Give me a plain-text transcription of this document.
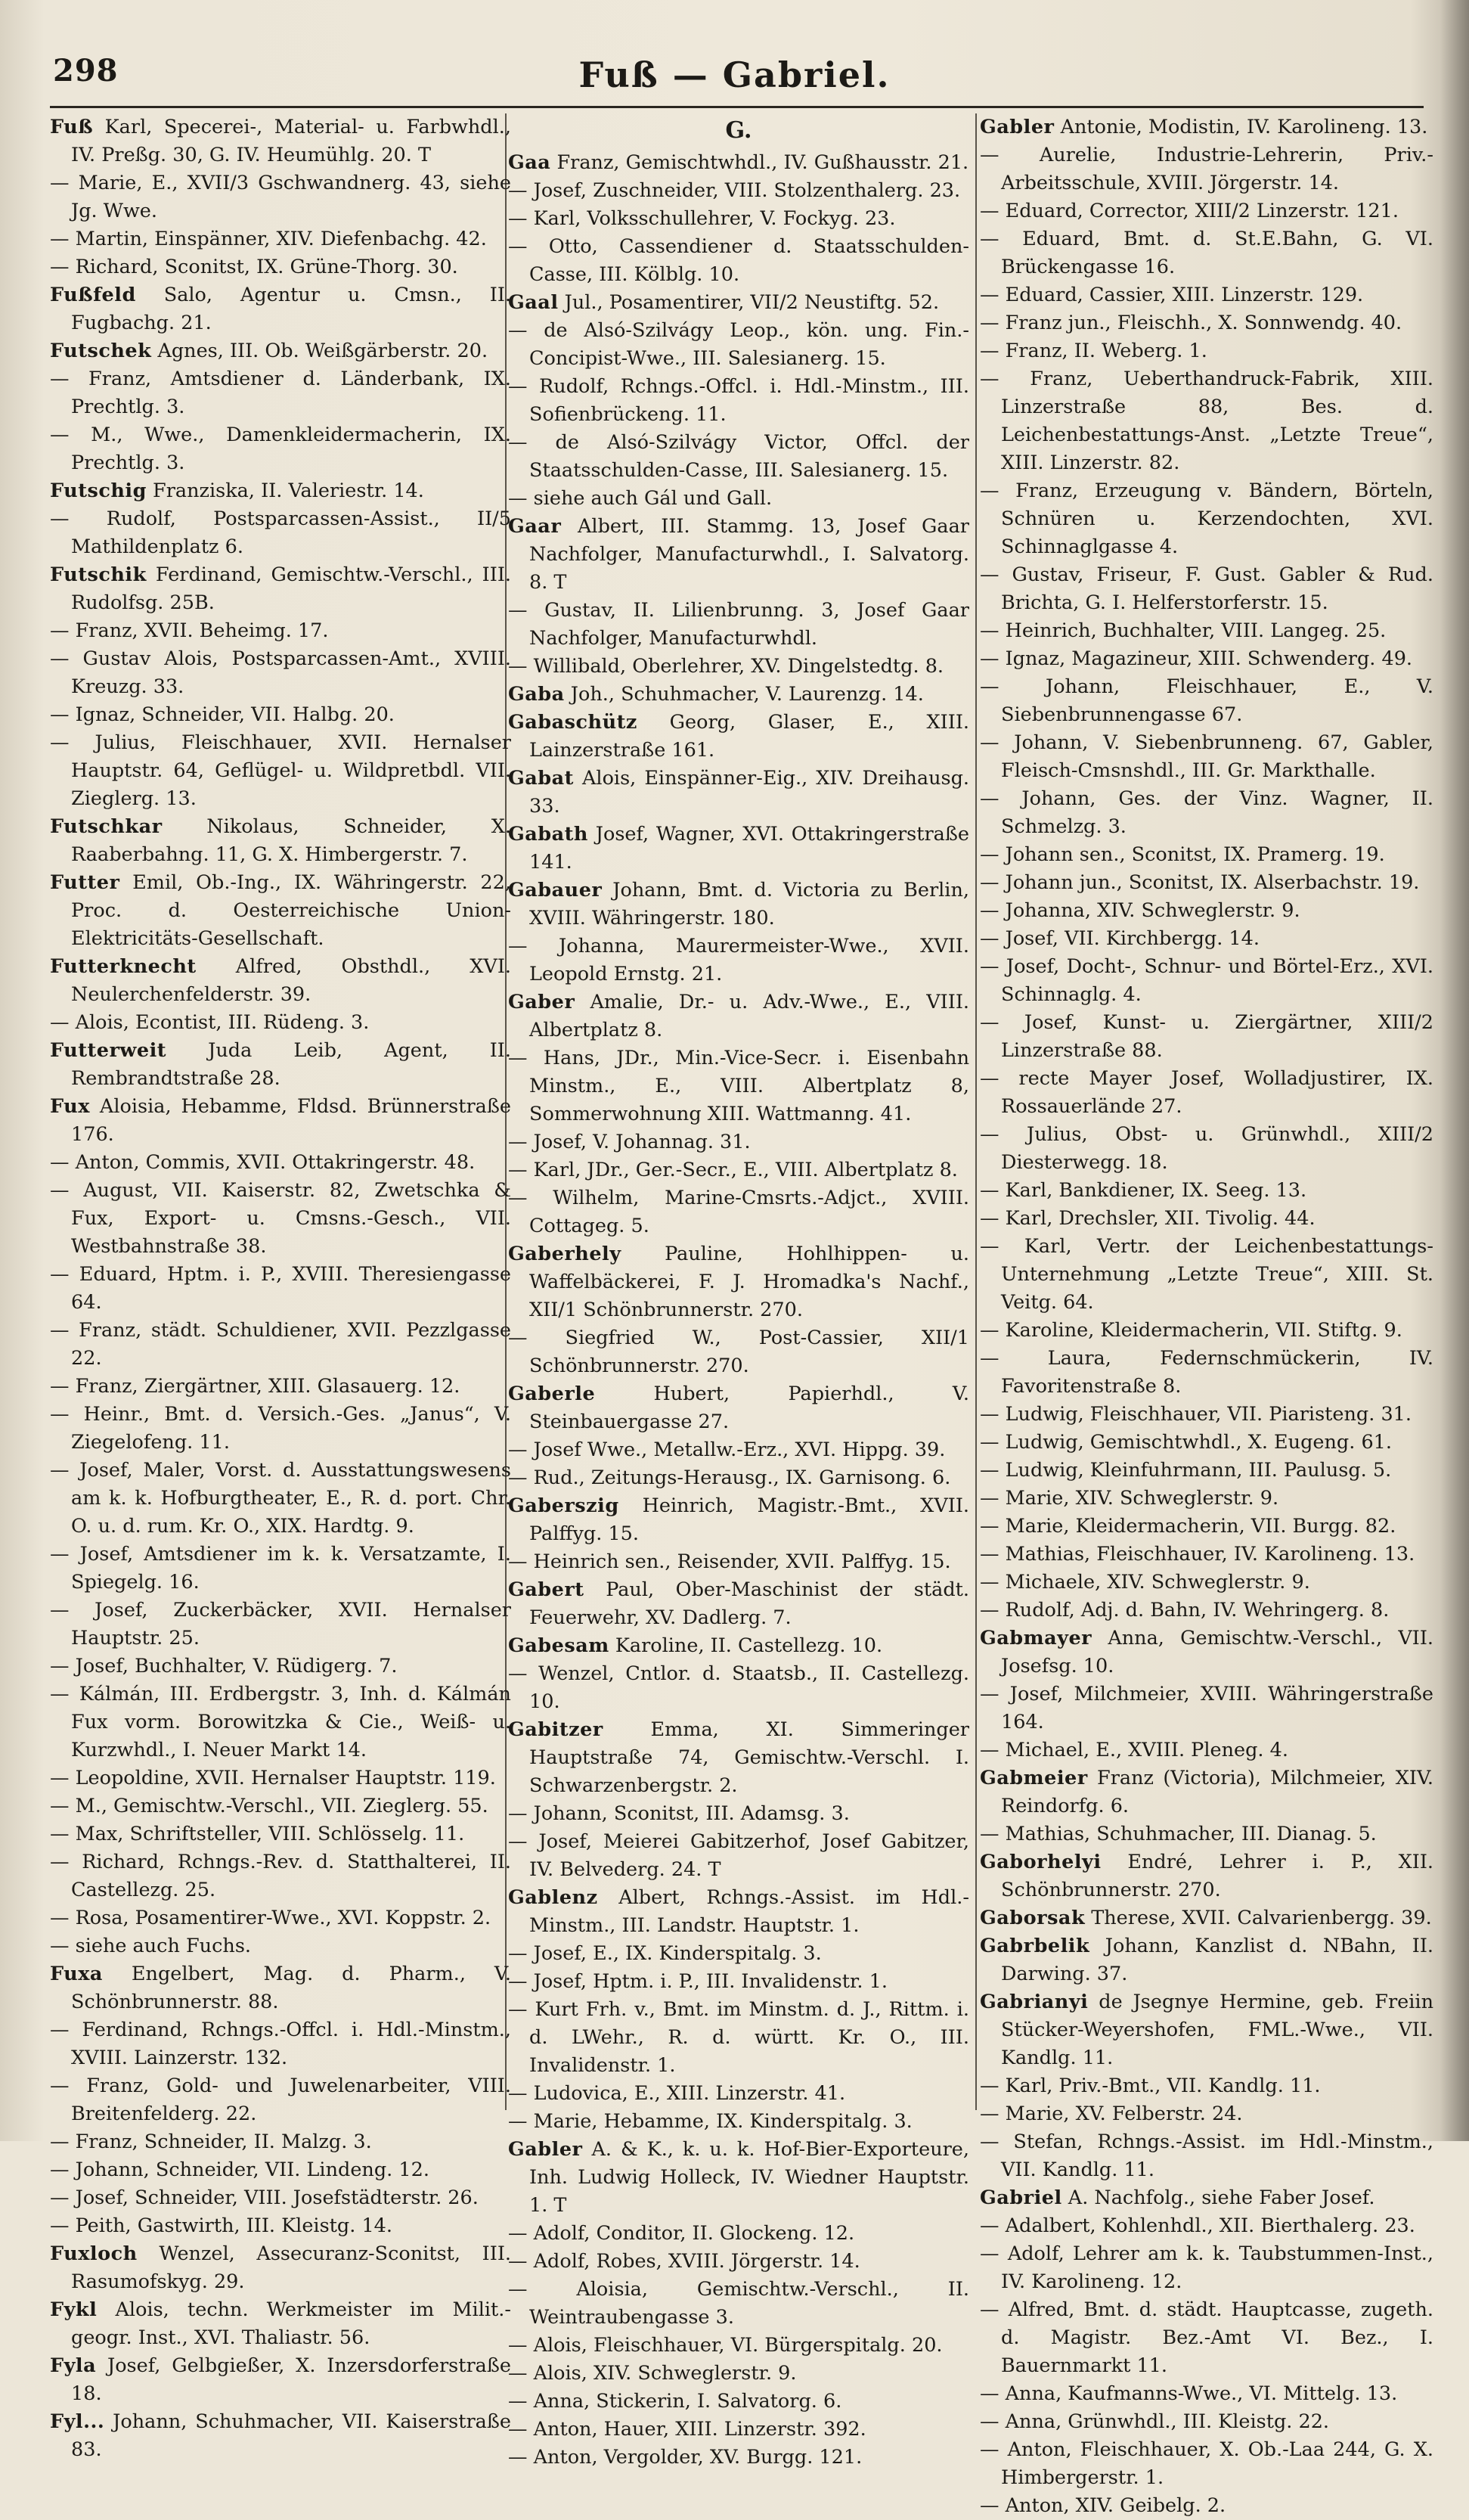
298	Fuß — Gabriel.

Fuß Karl, Specerei-, Material- u. Farbwhdl., IV. Preßg. 30, G. IV. Heumühlg. 20. T

— Marie, E., XVII/3 Gschwandnerg. 43, siehe Jg. Wwe.

— Martin, Einspänner, XIV. Diefenbachg. 42.

— Richard, Sconitst, IX. Grüne-Thorg. 30.

Fußfeld Salo, Agentur u. Cmsn., II. Fugbachg. 21.

Futschek Agnes, III. Ob. Weißgärberstr. 20.

— Franz, Amtsdiener d. Länderbank, IX. Prechtlg. 3.

— M., Wwe., Damenkleidermacherin, IX. Prechtlg. 3.

Futschig Franziska, II. Valeriestr. 14.

— Rudolf, Postsparcassen-Assist., II/5 Mathildenplatz 6.

Futschik Ferdinand, Gemischtw.-Verschl., III. Rudolfsg. 25B.

— Franz, XVII. Beheimg. 17.

— Gustav Alois, Postsparcassen-Amt., XVIII. Kreuzg. 33.

— Ignaz, Schneider, VII. Halbg. 20.

— Julius, Fleischhauer, XVII. Hernalser Hauptstr. 64, Geflügel- u. Wildpretbdl. VII. Zieglerg. 13.

Futschkar Nikolaus, Schneider, X. Raaberbahng. 11, G. X. Himbergerstr. 7.

Futter Emil, Ob.-Ing., IX. Währingerstr. 22, Proc. d. Oesterreichische Union-Elektricitäts-Gesellschaft.

Futterknecht Alfred, Obsthdl., XVI. Neulerchenfelderstr. 39.

— Alois, Econtist, III. Rüdeng. 3.

Futterweit Juda Leib, Agent, II. Rembrandtstraße 28.

Fux Aloisia, Hebamme, Fldsd. Brünnerstraße 176.

— Anton, Commis, XVII. Ottakringerstr. 48.

— August, VII. Kaiserstr. 82, Zwetschka & Fux, Export- u. Cmsns.-Gesch., VII. Westbahnstraße 38.

— Eduard, Hptm. i. P., XVIII. Theresiengasse 64.

— Franz, städt. Schuldiener, XVII. Pezzlgasse 22.

— Franz, Ziergärtner, XIII. Glasauerg. 12.

— Heinr., Bmt. d. Versich.-Ges. „Janus“, V. Ziegelofeng. 11.

— Josef, Maler, Vorst. d. Ausstattungswesens am k. k. Hofburgtheater, E., R. d. port. Chr. O. u. d. rum. Kr. O., XIX. Hardtg. 9.

— Josef, Amtsdiener im k. k. Versatzamte, I. Spiegelg. 16.

— Josef, Zuckerbäcker, XVII. Hernalser Hauptstr. 25.

— Josef, Buchhalter, V. Rüdigerg. 7.

— Kálmán, III. Erdbergstr. 3, Inh. d. Kálmán Fux vorm. Borowitzka & Cie., Weiß- u. Kurzwhdl., I. Neuer Markt 14.

— Leopoldine, XVII. Hernalser Hauptstr. 119.

— M., Gemischtw.-Verschl., VII. Zieglerg. 55.

— Max, Schriftsteller, VIII. Schlösselg. 11.

— Richard, Rchngs.-Rev. d. Statthalterei, II. Castellezg. 25.

— Rosa, Posamentirer-Wwe., XVI. Koppstr. 2.

— siehe auch Fuchs.

Fuxa Engelbert, Mag. d. Pharm., V. Schönbrunnerstr. 88.

— Ferdinand, Rchngs.-Offcl. i. Hdl.-Minstm., XVIII. Lainzerstr. 132.

— Franz, Gold- und Juwelenarbeiter, VIII. Breitenfelderg. 22.

— Franz, Schneider, II. Malzg. 3.

— Johann, Schneider, VII. Lindeng. 12.

— Josef, Schneider, VIII. Josefstädterstr. 26.

— Peith, Gastwirth, III. Kleistg. 14.

Fuxloch Wenzel, Assecuranz-Sconitst, III. Rasumofskyg. 29.

Fykl Alois, techn. Werkmeister im Milit.-geogr. Inst., XVI. Thaliastr. 56.

Fyla Josef, Gelbgießer, X. Inzersdorferstraße 18.

Fyl... Johann, Schuhmacher, VII. Kaiserstraße 83.

G.

Gaa Franz, Gemischtwhdl., IV. Gußhausstr. 21.

— Josef, Zuschneider, VIII. Stolzenthalerg. 23.

— Karl, Volksschullehrer, V. Fockyg. 23.

— Otto, Cassendiener d. Staatsschulden-Casse, III. Kölblg. 10.

Gaal Jul., Posamentirer, VII/2 Neustiftg. 52.

— de Alsó-Szilvágy Leop., kön. ung. Fin.-Concipist-Wwe., III. Salesianerg. 15.

— Rudolf, Rchngs.-Offcl. i. Hdl.-Minstm., III. Sofienbrückeng. 11.

— de Alsó-Szilvágy Victor, Offcl. der Staatsschulden-Casse, III. Salesianerg. 15.

— siehe auch Gál und Gall.

Gaar Albert, III. Stammg. 13, Josef Gaar Nachfolger, Manufacturwhdl., I. Salvatorg. 8. T

— Gustav, II. Lilienbrunng. 3, Josef Gaar Nachfolger, Manufacturwhdl.

— Willibald, Oberlehrer, XV. Dingelstedtg. 8.

Gaba Joh., Schuhmacher, V. Laurenzg. 14.

Gabaschütz Georg, Glaser, E., XIII. Lainzerstraße 161.

Gabat Alois, Einspänner-Eig., XIV. Dreihausg. 33.

Gabath Josef, Wagner, XVI. Ottakringerstraße 141.

Gabauer Johann, Bmt. d. Victoria zu Berlin, XVIII. Währingerstr. 180.

— Johanna, Maurermeister-Wwe., XVII. Leopold Ernstg. 21.

Gaber Amalie, Dr.- u. Adv.-Wwe., E., VIII. Albertplatz 8.

— Hans, JDr., Min.-Vice-Secr. i. Eisenbahn Minstm., E., VIII. Albertplatz 8, Sommerwohnung XIII. Wattmanng. 41.

— Josef, V. Johannag. 31.

— Karl, JDr., Ger.-Secr., E., VIII. Albertplatz 8.

— Wilhelm, Marine-Cmsrts.-Adjct., XVIII. Cottageg. 5.

Gaberhely Pauline, Hohlhippen- u. Waffelbäckerei, F. J. Hromadka's Nachf., XII/1 Schönbrunnerstr. 270.

— Siegfried W., Post-Cassier, XII/1 Schönbrunnerstr. 270.

Gaberle	Hubert, Papierhdl., V. Steinbauergasse 27.

— Josef Wwe., Metallw.-Erz., XVI. Hippg. 39.

— Rud., Zeitungs-Herausg., IX. Garnisong. 6.

Gaberszig Heinrich, Magistr.-Bmt., XVII. Palffyg. 15.

— Heinrich sen., Reisender, XVII. Palffyg. 15.

Gabert Paul, Ober-Maschinist der städt. Feuerwehr, XV. Dadlerg. 7.

Gabesam Karoline, II. Castellezg. 10.

— Wenzel, Cntlor. d. Staatsb., II. Castellezg. 10.

Gabitzer Emma, XI. Simmeringer Hauptstraße 74, Gemischtw.-Verschl. I. Schwarzenbergstr. 2.

— Johann, Sconitst, III. Adamsg. 3.

— Josef, Meierei Gabitzerhof, Josef Gabitzer, IV. Belvederg. 24. T

Gablenz Albert, Rchngs.-Assist. im Hdl.-Minstm., III. Landstr. Hauptstr. 1.

— Josef, E., IX. Kinderspitalg. 3.

— Josef, Hptm. i. P., III. Invalidenstr. 1.

— Kurt Frh. v., Bmt. im Minstm. d. J., Rittm. i. d. LWehr., R. d. württ. Kr. O., III. Invalidenstr. 1.

— Ludovica, E., XIII. Linzerstr. 41.

— Marie, Hebamme, IX. Kinderspitalg. 3.

Gabler A. & K., k. u. k. Hof-Bier-Exporteure, Inh. Ludwig Holleck, IV. Wiedner Hauptstr. 1. T

— Adolf, Conditor, II. Glockeng. 12.

— Adolf, Robes, XVIII. Jörgerstr. 14.

— Aloisia, Gemischtw.-Verschl., II. Weintraubengasse 3.

— Alois, Fleischhauer, VI. Bürgerspitalg. 20.

— Alois, XIV. Schweglerstr. 9.

— Anna, Stickerin, I. Salvatorg. 6.

— Anton, Hauer, XIII. Linzerstr. 392.

— Anton, Vergolder, XV. Burgg. 121.

Gabler Antonie, Modistin, IV. Karolineng. 13.

— Aurelie, Industrie-Lehrerin, Priv.-Arbeitsschule, XVIII. Jörgerstr. 14.

— Eduard, Corrector, XIII/2 Linzerstr. 121.

— Eduard, Bmt. d. St.E.Bahn, G. VI. Brückengasse 16.

— Eduard, Cassier, XIII. Linzerstr. 129.

— Franz jun., Fleischh., X. Sonnwendg. 40.

— Franz, II. Weberg. 1.

— Franz, Ueberthandruck-Fabrik, XIII. Linzerstraße 88, Bes. d. Leichenbestattungs-Anst. „Letzte Treue“, XIII. Linzerstr. 82.

— Franz, Erzeugung v. Bändern, Börteln, Schnüren u. Kerzendochten, XVI. Schinnaglgasse 4.

— Gustav, Friseur, F. Gust. Gabler & Rud. Brichta, G. I. Helferstorferstr. 15.

— Heinrich, Buchhalter, VIII. Langeg. 25.

— Ignaz, Magazineur, XIII. Schwenderg. 49.

— Johann, Fleischhauer, E., V. Siebenbrunnengasse 67.

— Johann, V. Siebenbrunneng. 67, Gabler, Fleisch-Cmsnshdl., III. Gr. Markthalle.

— Johann, Ges. der Vinz. Wagner, II. Schmelzg. 3.

— Johann sen., Sconitst, IX. Pramerg. 19.

— Johann jun., Sconitst, IX. Alserbachstr. 19.

— Johanna, XIV. Schweglerstr. 9.

— Josef, VII. Kirchbergg. 14.

— Josef, Docht-, Schnur- und Börtel-Erz., XVI. Schinnaglg. 4.

— Josef, Kunst- u. Ziergärtner, XIII/2 Linzerstraße 88.

— recte Mayer Josef, Wolladjustirer, IX. Rossauerlände 27.

— Julius, Obst- u. Grünwhdl., XIII/2 Diesterwegg. 18.

— Karl, Bankdiener, IX. Seeg. 13.

— Karl, Drechsler, XII. Tivolig. 44.

— Karl, Vertr. der Leichenbestattungs-Unternehmung „Letzte Treue“, XIII. St. Veitg. 64.

— Karoline, Kleidermacherin, VII. Stiftg. 9.

— Laura, Federnschmückerin, IV. Favoritenstraße 8.

— Ludwig, Fleischhauer, VII. Piaristeng. 31.

— Ludwig, Gemischtwhdl., X. Eugeng. 61.

— Ludwig, Kleinfuhrmann, III. Paulusg. 5.

— Marie, XIV. Schweglerstr. 9.

— Marie, Kleidermacherin, VII. Burgg. 82.

— Mathias, Fleischhauer, IV. Karolineng. 13.

— Michaele, XIV. Schweglerstr. 9.

— Rudolf, Adj. d. Bahn, IV. Wehringerg. 8.

Gabmayer Anna, Gemischtw.-Verschl., VII. Josefsg. 10.

— Josef, Milchmeier, XVIII. Währingerstraße 164.

— Michael, E., XVIII. Pleneg. 4.

Gabmeier Franz (Victoria), Milchmeier, XIV. Reindorfg. 6.

— Mathias, Schuhmacher, III. Dianag. 5.

Gaborhelyi Endré, Lehrer i. P., XII. Schönbrunnerstr. 270.

Gaborsak Therese, XVII. Calvarienbergg. 39.

Gabrbelik Johann, Kanzlist d. NBahn, II. Darwing. 37.

Gabrianyi de Jsegnye Hermine, geb. Freiin Stücker-Weyershofen, FML.-Wwe., VII. Kandlg. 11.

— Karl, Priv.-Bmt., VII. Kandlg. 11.

— Marie, XV. Felberstr. 24.

— Stefan, Rchngs.-Assist. im Hdl.-Minstm., VII. Kandlg. 11.

Gabriel A. Nachfolg., siehe Faber Josef.

— Adalbert, Kohlenhdl., XII. Bierthalerg. 23.

— Adolf, Lehrer am k. k. Taubstummen-Inst., IV. Karolineng. 12.

— Alfred, Bmt. d. städt. Hauptcasse, zugeth. d. Magistr. Bez.-Amt VI. Bez., I. Bauernmarkt 11.

— Anna, Kaufmanns-Wwe., VI. Mittelg. 13.

— Anna, Grünwhdl., III. Kleistg. 22.

— Anton, Fleischhauer, X. Ob.-Laa 244, G. X. Himbergerstr. 1.

— Anton, XIV. Geibelg. 2.
